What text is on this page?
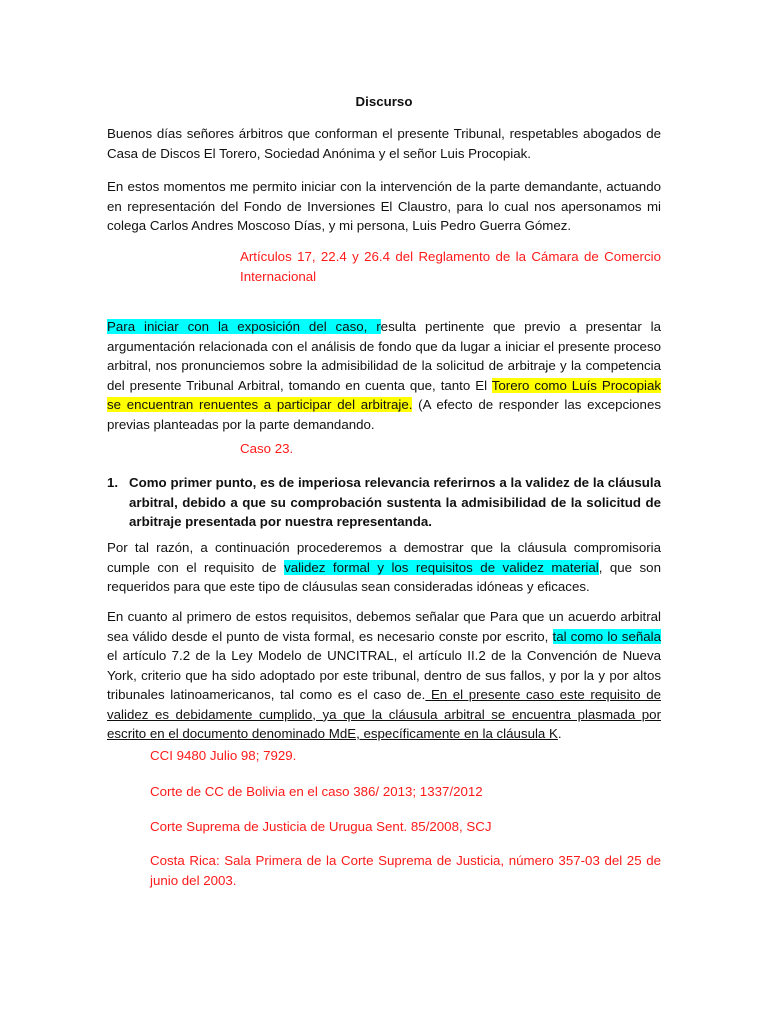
Discurso

Buenos días señores árbitros que conforman el presente Tribunal, respetables abogados de Casa de Discos El Torero, Sociedad Anónima y el señor Luis Procopiak.

En estos momentos me permito iniciar con la intervención de la parte demandante, actuando en representación del Fondo de Inversiones El Claustro, para lo cual nos apersonamos mi colega Carlos Andres Moscoso Días, y mi persona, Luis Pedro Guerra Gómez.

Artículos 17, 22.4 y 26.4 del Reglamento de la Cámara de Comercio Internacional

Para iniciar con la exposición del caso, resulta pertinente que previo a presentar la argumentación relacionada con el análisis de fondo que da lugar a iniciar el presente proceso arbitral, nos pronunciemos sobre la admisibilidad de la solicitud de arbitraje y la competencia del presente Tribunal Arbitral, tomando en cuenta que, tanto El Torero como Luís Procopiak se encuentran renuentes a participar del arbitraje. (A efecto de responder las excepciones previas planteadas por la parte demandando.

Caso 23.

1. Como primer punto, es de imperiosa relevancia referirnos a la validez de la cláusula arbitral, debido a que su comprobación sustenta la admisibilidad de la solicitud de arbitraje presentada por nuestra representanda.

Por tal razón, a continuación procederemos a demostrar que la cláusula compromisoria cumple con el requisito de validez formal y los requisitos de validez material, que son requeridos para que este tipo de cláusulas sean consideradas idóneas y eficaces.

En cuanto al primero de estos requisitos, debemos señalar que Para que un acuerdo arbitral sea válido desde el punto de vista formal, es necesario conste por escrito, tal como lo señala el artículo 7.2 de la Ley Modelo de UNCITRAL, el artículo II.2 de la Convención de Nueva York, criterio que ha sido adoptado por este tribunal, dentro de sus fallos, y por la y por altos tribunales latinoamericanos, tal como es el caso de. En el presente caso este requisito de validez es debidamente cumplido, ya que la cláusula arbitral se encuentra plasmada por escrito en el documento denominado MdE, específicamente en la cláusula K.

CCI 9480 Julio 98; 7929.

Corte de CC de Bolivia en el caso 386/ 2013; 1337/2012

Corte Suprema de Justicia de Urugua Sent. 85/2008, SCJ

Costa Rica: Sala Primera de la Corte Suprema de Justicia, número 357-03 del 25 de junio del 2003.
